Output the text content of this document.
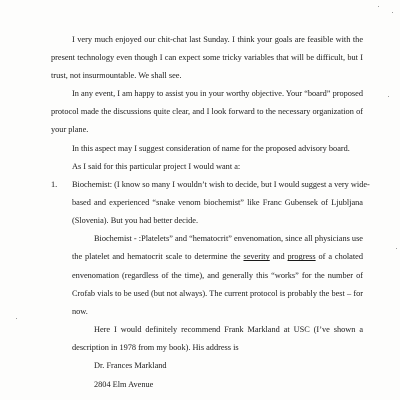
I very much enjoyed our chit-chat last Sunday. I think your goals are feasible with the
present technology even though I can expect some tricky variables that will be difficult, but I
trust, not insurmountable. We shall see.
In any event, I am happy to assist you in your worthy objective. Your “board” proposed
protocol made the discussions quite clear, and I look forward to the necessary organization of
your plane.
In this aspect may I suggest consideration of name for the proposed advisory board.
As I said for this particular project I would want a:
1. Biochemist: (I know so many I wouldn’t wish to decide, but I would suggest a very wide-
based and experienced “snake venom biochemist” like Franc Gubensek of Ljubljana
(Slovenia). But you had better decide.
Biochemist - :Platelets” and “hematocrit” envenomation, since all physicians use
the platelet and hematocrit scale to determine the severity and progress of a cholated
envenomation (regardless of the time), and generally this “works” for the number of
Crofab vials to be used (but not always). The current protocol is probably the best – for
now.
Here I would definitely recommend Frank Markland at USC (I’ve shown a
description in 1978 from my book). His address is
Dr. Frances Markland
2804 Elm Avenue
